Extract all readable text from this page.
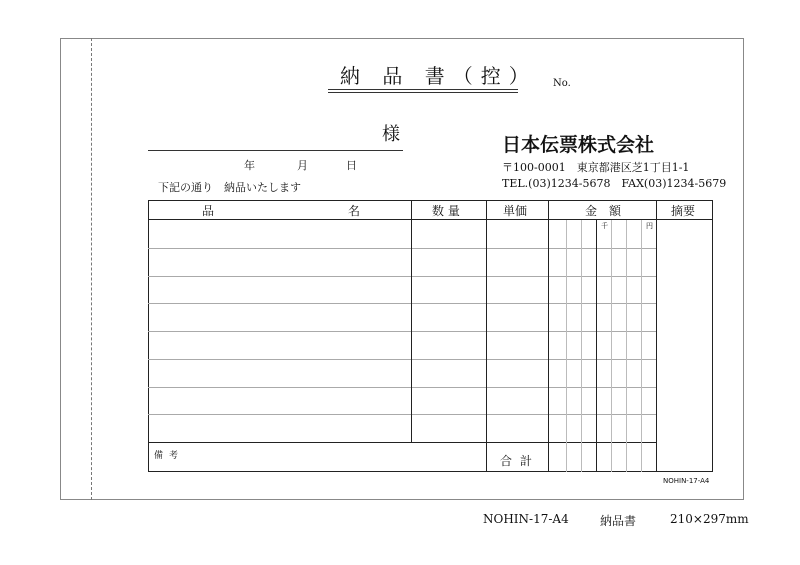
納 品 書（控） No.
様
年	月	日
下記の通り　納品いたします
日本伝票株式会社
〒100-0001　東京都港区芝1丁目1-1
TEL.(03)1234-5678　FAX(03)1234-5679
品	名	数 量	単価	金　額	摘要
千	円
備考	合計
NOHIN-17-A4
NOHIN-17-A4	納品書	210×297mm
